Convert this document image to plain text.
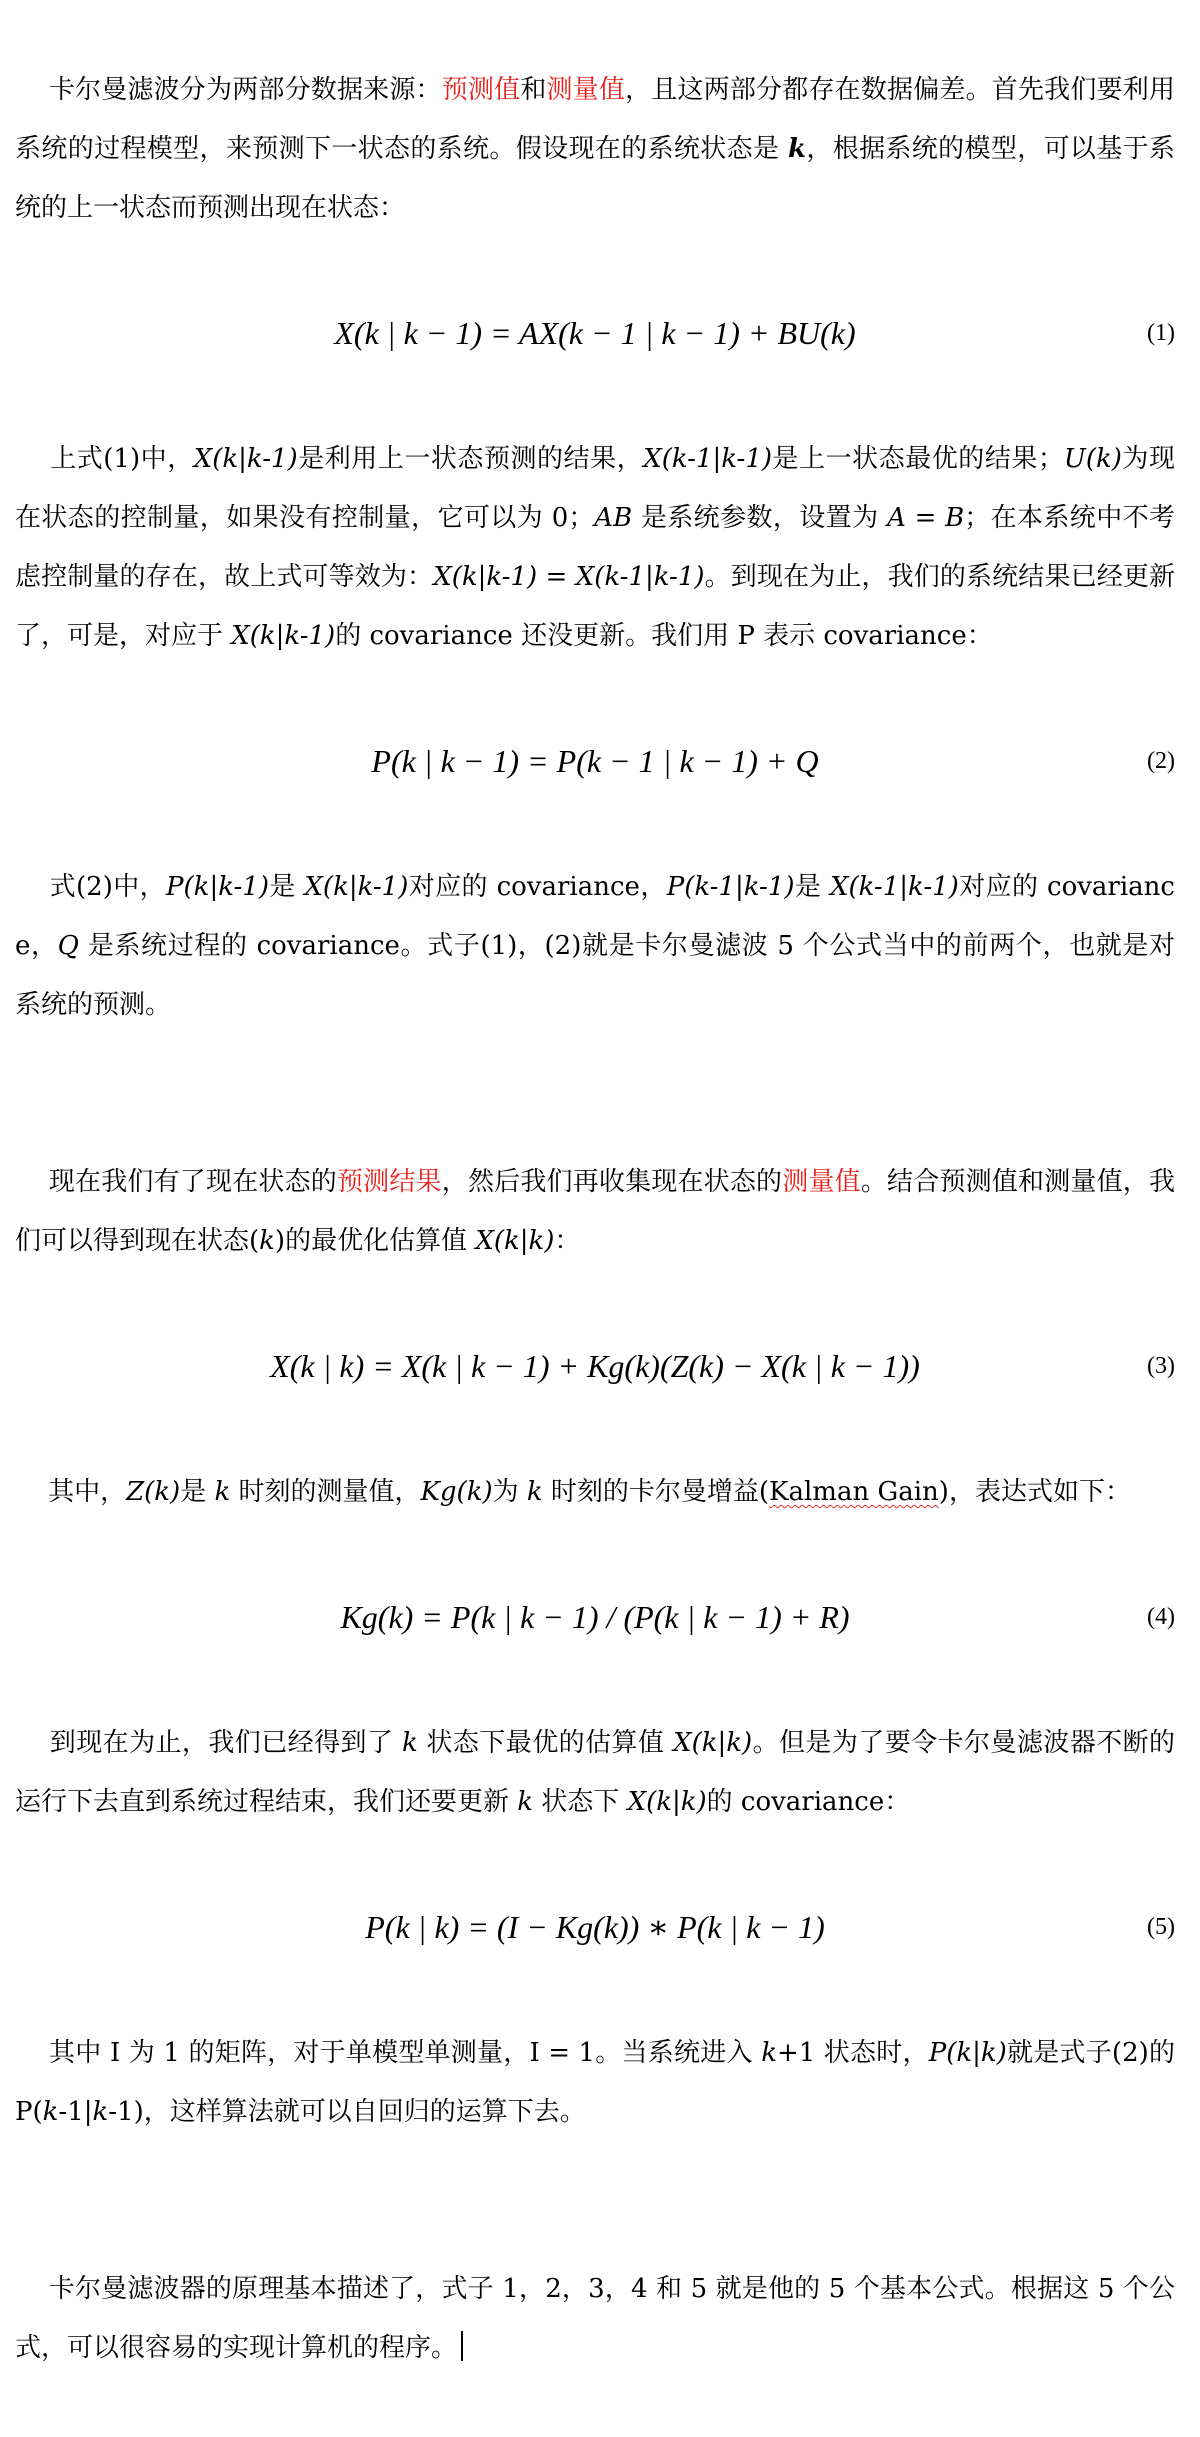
卡尔曼滤波分为两部分数据来源：预测值和测量值，且这两部分都存在数据偏差。首先我们要利用系统的过程模型，来预测下一状态的系统。假设现在的系统状态是 k，根据系统的模型，可以基于系统的上一状态而预测出现在状态：

X(k | k − 1) = AX(k − 1 | k − 1) + BU(k)	(1)

上式(1)中，X(k|k-1)是利用上一状态预测的结果，X(k-1|k-1)是上一状态最优的结果；U(k)为现在状态的控制量，如果没有控制量，它可以为 0；AB 是系统参数，设置为 A = B；在本系统中不考虑控制量的存在，故上式可等效为：X(k|k-1) = X(k-1|k-1)。到现在为止，我们的系统结果已经更新了，可是，对应于 X(k|k-1)的 covariance 还没更新。我们用 P 表示 covariance：

P(k | k − 1) = P(k − 1 | k − 1) + Q	(2)

式(2)中，P(k|k-1)是 X(k|k-1)对应的 covariance，P(k-1|k-1)是 X(k-1|k-1)对应的 covariance，Q 是系统过程的 covariance。式子(1)，(2)就是卡尔曼滤波 5 个公式当中的前两个，也就是对系统的预测。

现在我们有了现在状态的预测结果，然后我们再收集现在状态的测量值。结合预测值和测量值，我们可以得到现在状态(k)的最优化估算值 X(k|k)：

X(k | k) = X(k | k − 1) + Kg(k)(Z(k) − X(k | k − 1))	(3)

其中，Z(k)是 k 时刻的测量值，Kg(k)为 k 时刻的卡尔曼增益(Kalman Gain)，表达式如下：

Kg(k) = P(k | k − 1) / (P(k | k − 1) + R)	(4)

到现在为止，我们已经得到了 k 状态下最优的估算值 X(k|k)。但是为了要令卡尔曼滤波器不断的运行下去直到系统过程结束，我们还要更新 k 状态下 X(k|k)的 covariance：

P(k | k) = (I − Kg(k)) ∗ P(k | k − 1)	(5)

其中 I 为 1 的矩阵，对于单模型单测量，I = 1。当系统进入 k+1 状态时，P(k|k)就是式子(2)的 P(k-1|k-1)，这样算法就可以自回归的运算下去。

卡尔曼滤波器的原理基本描述了，式子 1，2，3，4 和 5 就是他的 5 个基本公式。根据这 5 个公式，可以很容易的实现计算机的程序。
